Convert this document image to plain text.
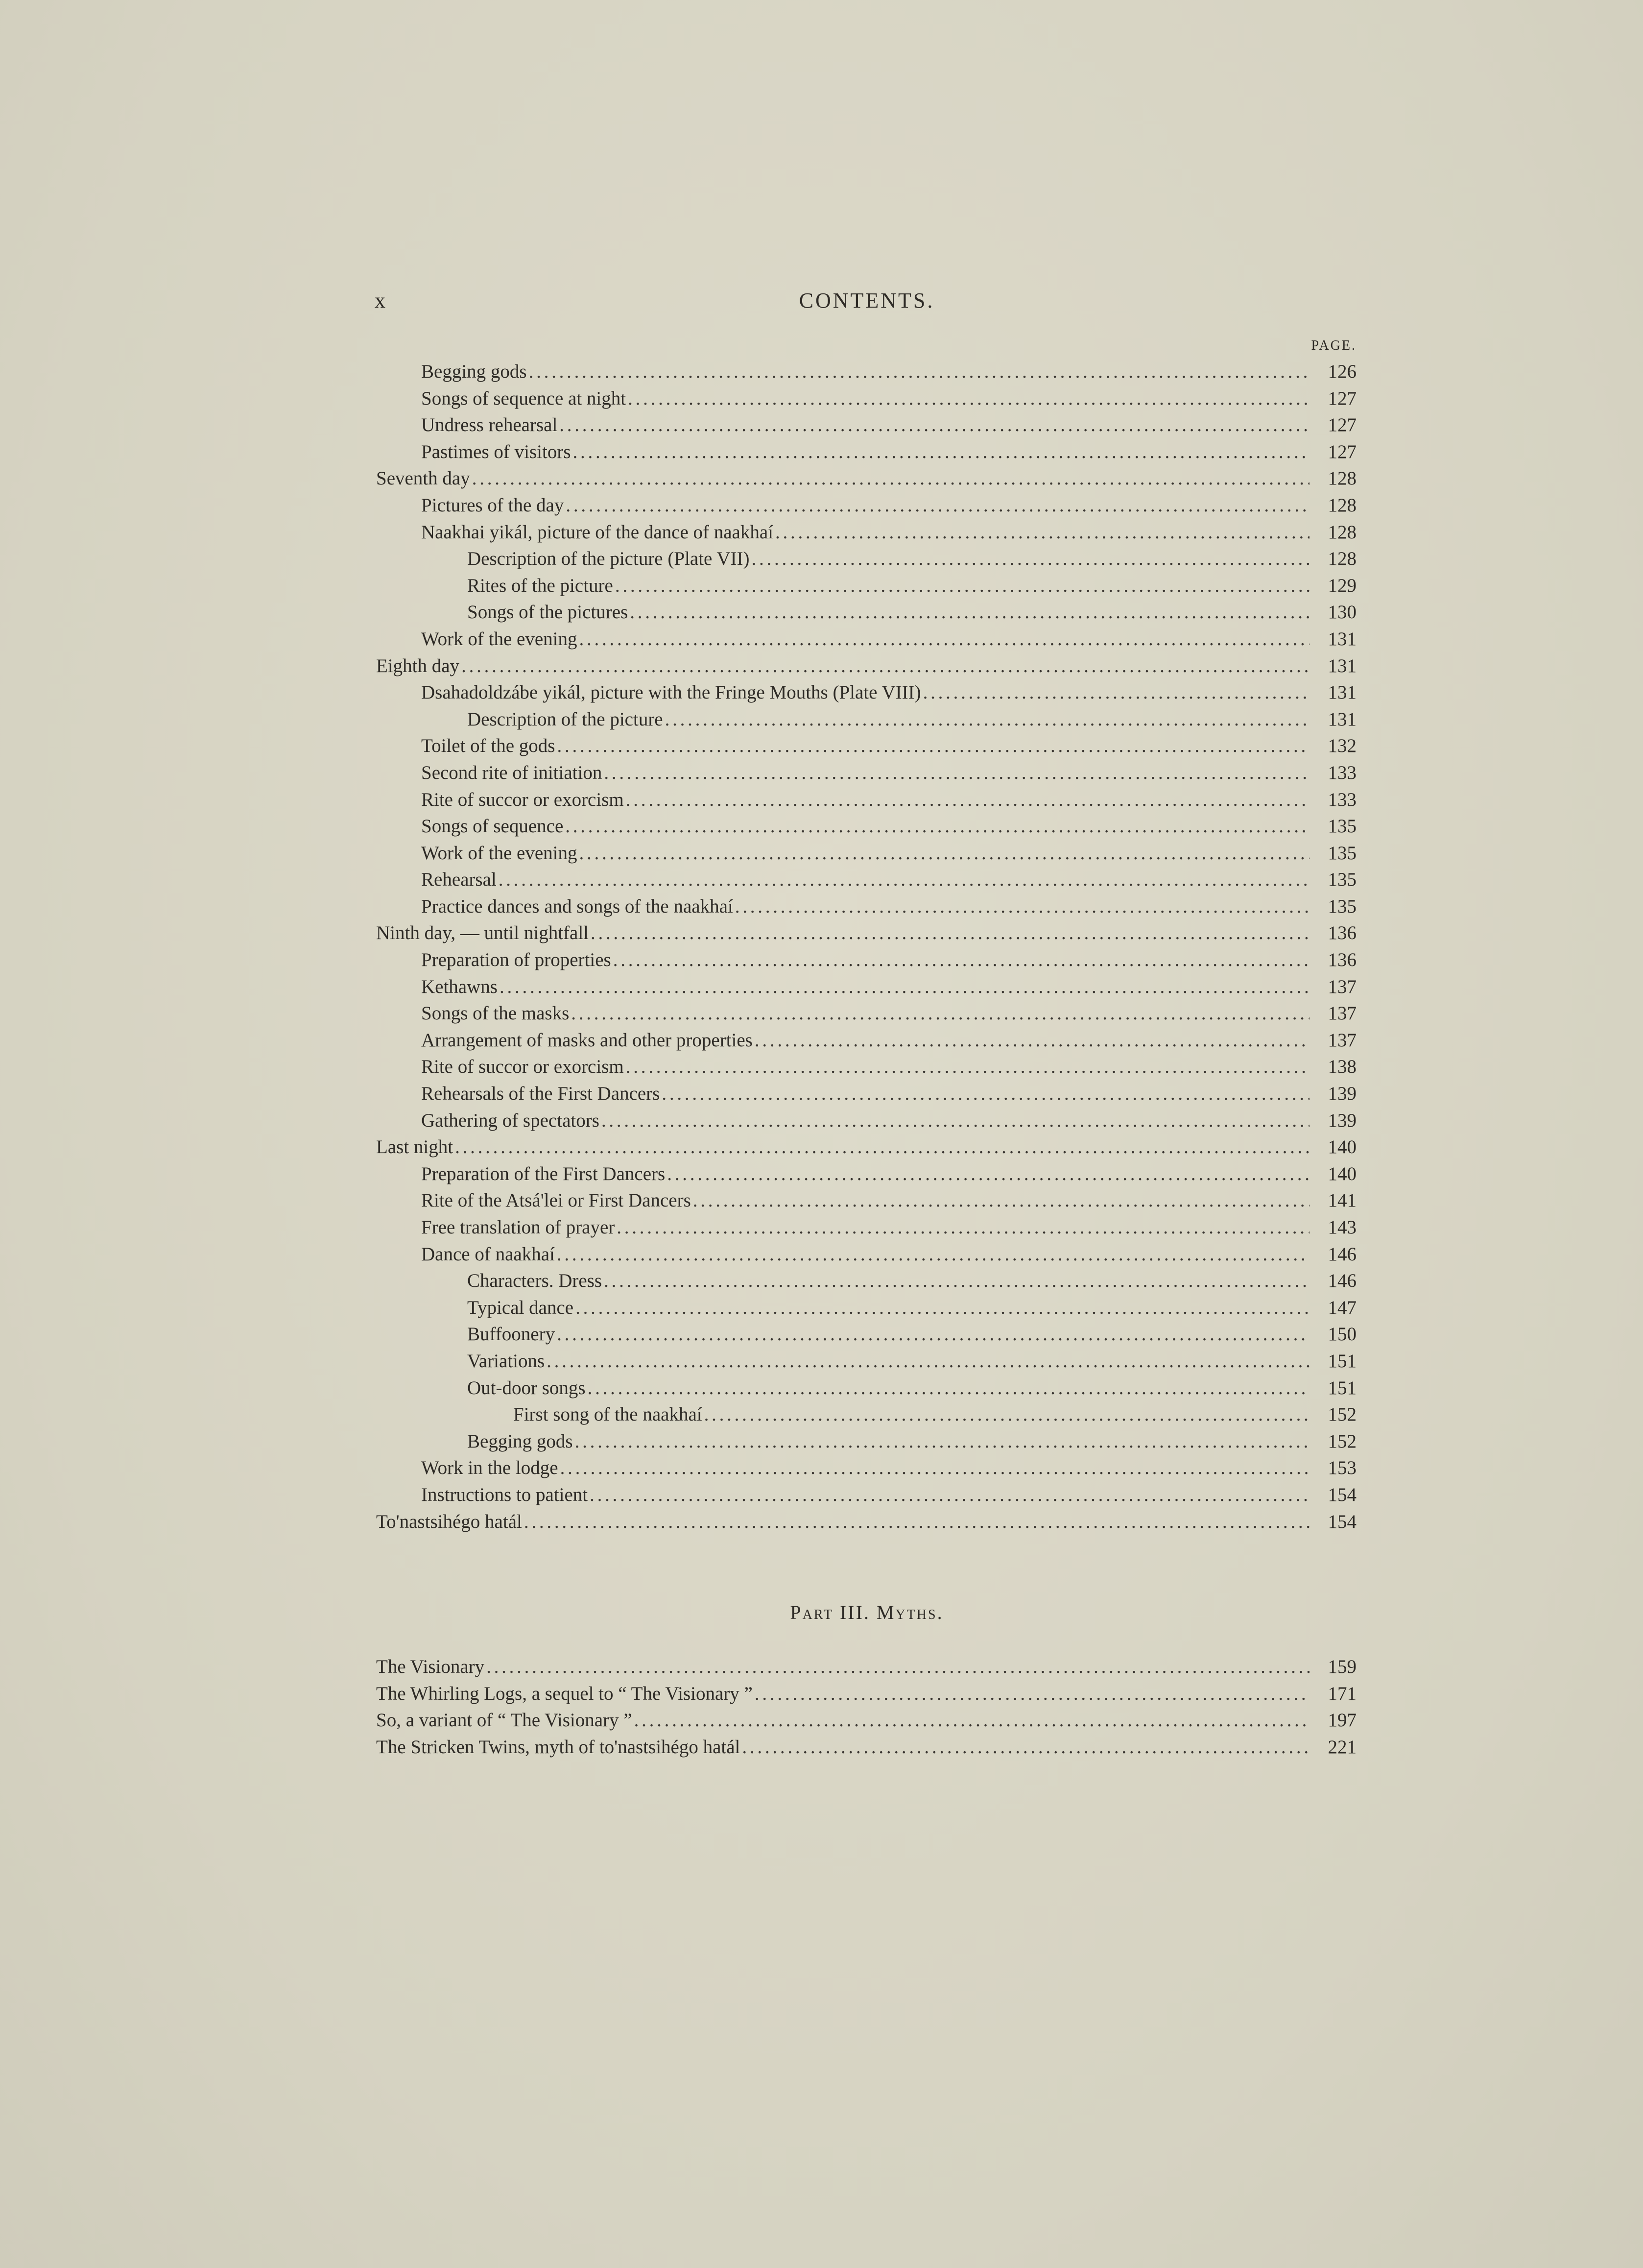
x	CONTENTS.
PAGE.
Begging gods . . .	126
Songs of sequence at night . . .	127
Undress rehearsal . . .	127
Pastimes of visitors . . .	127
Seventh day . . .	128
Pictures of the day . . .	128
Naakhai yikál, picture of the dance of naakhaí . . .	128
Description of the picture (Plate VII) . . .	128
Rites of the picture . . .	129
Songs of the pictures . . .	130
Work of the evening . . .	131
Eighth day . . .	131
Dsahadoldzábe yikál, picture with the Fringe Mouths (Plate VIII) . . .	131
Description of the picture . . .	131
Toilet of the gods . . .	132
Second rite of initiation . . .	133
Rite of succor or exorcism . . .	133
Songs of sequence . . .	135
Work of the evening . . .	135
Rehearsal . . .	135
Practice dances and songs of the naakhaí . . .	135
Ninth day, — until nightfall . . .	136
Preparation of properties . . .	136
Kethawns . . .	137
Songs of the masks . . .	137
Arrangement of masks and other properties . . .	137
Rite of succor or exorcism . . .	138
Rehearsals of the First Dancers . . .	139
Gathering of spectators . . .	139
Last night . . .	140
Preparation of the First Dancers . . .	140
Rite of the Atsá'lei or First Dancers . . .	141
Free translation of prayer . . .	143
Dance of naakhaí . . .	146
Characters. Dress . . .	146
Typical dance . . .	147
Buffoonery . . .	150
Variations . . .	151
Out-door songs . . .	151
First song of the naakhaí . . .	152
Begging gods . . .	152
Work in the lodge . . .	153
Instructions to patient . . .	154
To'nastsihégo hatál . . .	154
Part III. Myths.
The Visionary . . .	159
The Whirling Logs, a sequel to “ The Visionary ” . . .	171
So, a variant of “ The Visionary ” . . .	197
The Stricken Twins, myth of to'nastsihégo hatál . . .	221
